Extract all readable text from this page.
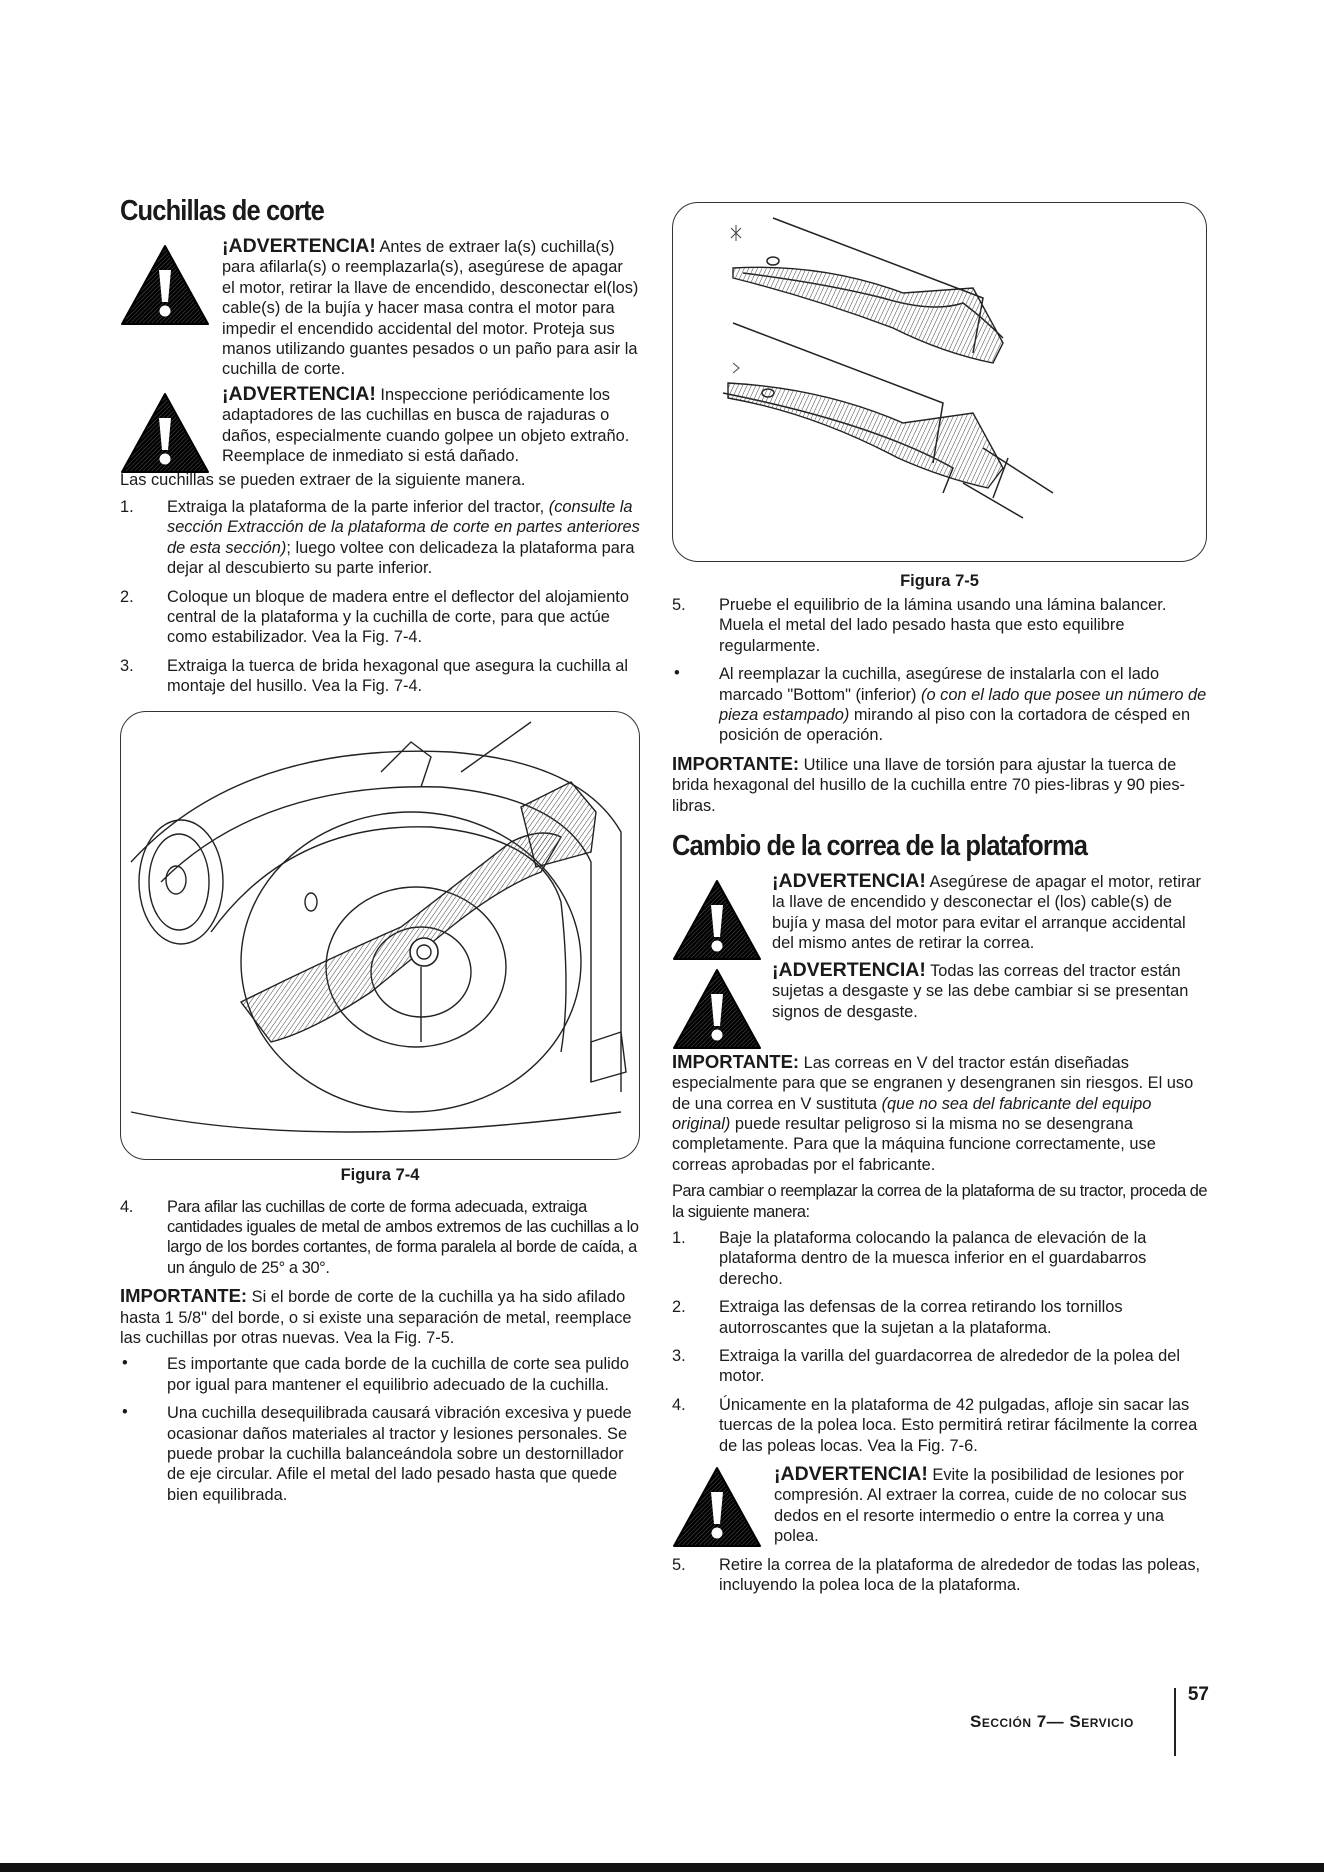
Cuchillas de corte

¡ADVERTENCIA! Antes de extraer la(s) cuchilla(s) para afilarla(s) o reemplazarla(s), asegúrese de apagar el motor, retirar la llave de encendido, desconectar el(los) cable(s) de la bujía y hacer masa contra el motor para impedir el encendido accidental del motor. Proteja sus manos utilizando guantes pesados o un paño para asir la cuchilla de corte.

¡ADVERTENCIA! Inspeccione periódicamente los adaptadores de las cuchillas en busca de rajaduras o daños, especialmente cuando golpee un objeto extraño. Reemplace de inmediato si está dañado.

Las cuchillas se pueden extraer de la siguiente manera.

1. Extraiga la plataforma de la parte inferior del tractor, (consulte la sección Extracción de la plataforma de corte en partes anteriores de esta sección); luego voltee con delicadeza la plataforma para dejar al descubierto su parte inferior.
2. Coloque un bloque de madera entre el deflector del alojamiento central de la plataforma y la cuchilla de corte, para que actúe como estabilizador. Vea la Fig. 7-4.
3. Extraiga la tuerca de brida hexagonal que asegura la cuchilla al montaje del husillo. Vea la Fig. 7-4.
Figura 7-4
4. Para afilar las cuchillas de corte de forma adecuada, extraiga cantidades iguales de metal de ambos extremos de las cuchillas a lo largo de los bordes cortantes, de forma paralela al borde de caída, a un ángulo de 25° a 30°.

IMPORTANTE: Si el borde de corte de la cuchilla ya ha sido afilado hasta 1 5/8" del borde, o si existe una separación de metal, reemplace las cuchillas por otras nuevas. Vea la Fig. 7-5.

• Es importante que cada borde de la cuchilla de corte sea pulido por igual para mantener el equilibrio adecuado de la cuchilla.
• Una cuchilla desequilibrada causará vibración excesiva y puede ocasionar daños materiales al tractor y lesiones personales. Se puede probar la cuchilla balanceándola sobre un destornillador de eje circular. Afile el metal del lado pesado hasta que quede bien equilibrada.
Figura 7-5
5. Pruebe el equilibrio de la lámina usando una lámina balancer. Muela el metal del lado pesado hasta que esto equilibre regularmente.
• Al reemplazar la cuchilla, asegúrese de instalarla con el lado marcado "Bottom" (inferior) (o con el lado que posee un número de pieza estampado) mirando al piso con la cortadora de césped en posición de operación.

IMPORTANTE: Utilice una llave de torsión para ajustar la tuerca de brida hexagonal del husillo de la cuchilla entre 70 pies-libras y 90 pies-libras.

Cambio de la correa de la plataforma

¡ADVERTENCIA! Asegúrese de apagar el motor, retirar la llave de encendido y desconectar el (los) cable(s) de bujía y masa del motor para evitar el arranque accidental del mismo antes de retirar la correa.

¡ADVERTENCIA! Todas las correas del tractor están sujetas a desgaste y se las debe cambiar si se presentan signos de desgaste.

IMPORTANTE: Las correas en V del tractor están diseñadas especialmente para que se engranen y desengranen sin riesgos. El uso de una correa en V sustituta (que no sea del fabricante del equipo original) puede resultar peligroso si la misma no se desengrana completamente. Para que la máquina funcione correctamente, use correas aprobadas por el fabricante.

Para cambiar o reemplazar la correa de la plataforma de su tractor, proceda de la siguiente manera:

1. Baje la plataforma colocando la palanca de elevación de la plataforma dentro de la muesca inferior en el guardabarros derecho.
2. Extraiga las defensas de la correa retirando los tornillos autorroscantes que la sujetan a la plataforma.
3. Extraiga la varilla del guardacorrea de alrededor de la polea del motor.
4. Únicamente en la plataforma de 42 pulgadas, afloje sin sacar las tuercas de la polea loca. Esto permitirá retirar fácilmente la correa de las poleas locas. Vea la Fig. 7-6.

¡ADVERTENCIA! Evite la posibilidad de lesiones por compresión. Al extraer la correa, cuide de no colocar sus dedos en el resorte intermedio o entre la correa y una polea.

5. Retire la correa de la plataforma de alrededor de todas las poleas, incluyendo la polea loca de la plataforma.
Sección 7— Servicio
57
